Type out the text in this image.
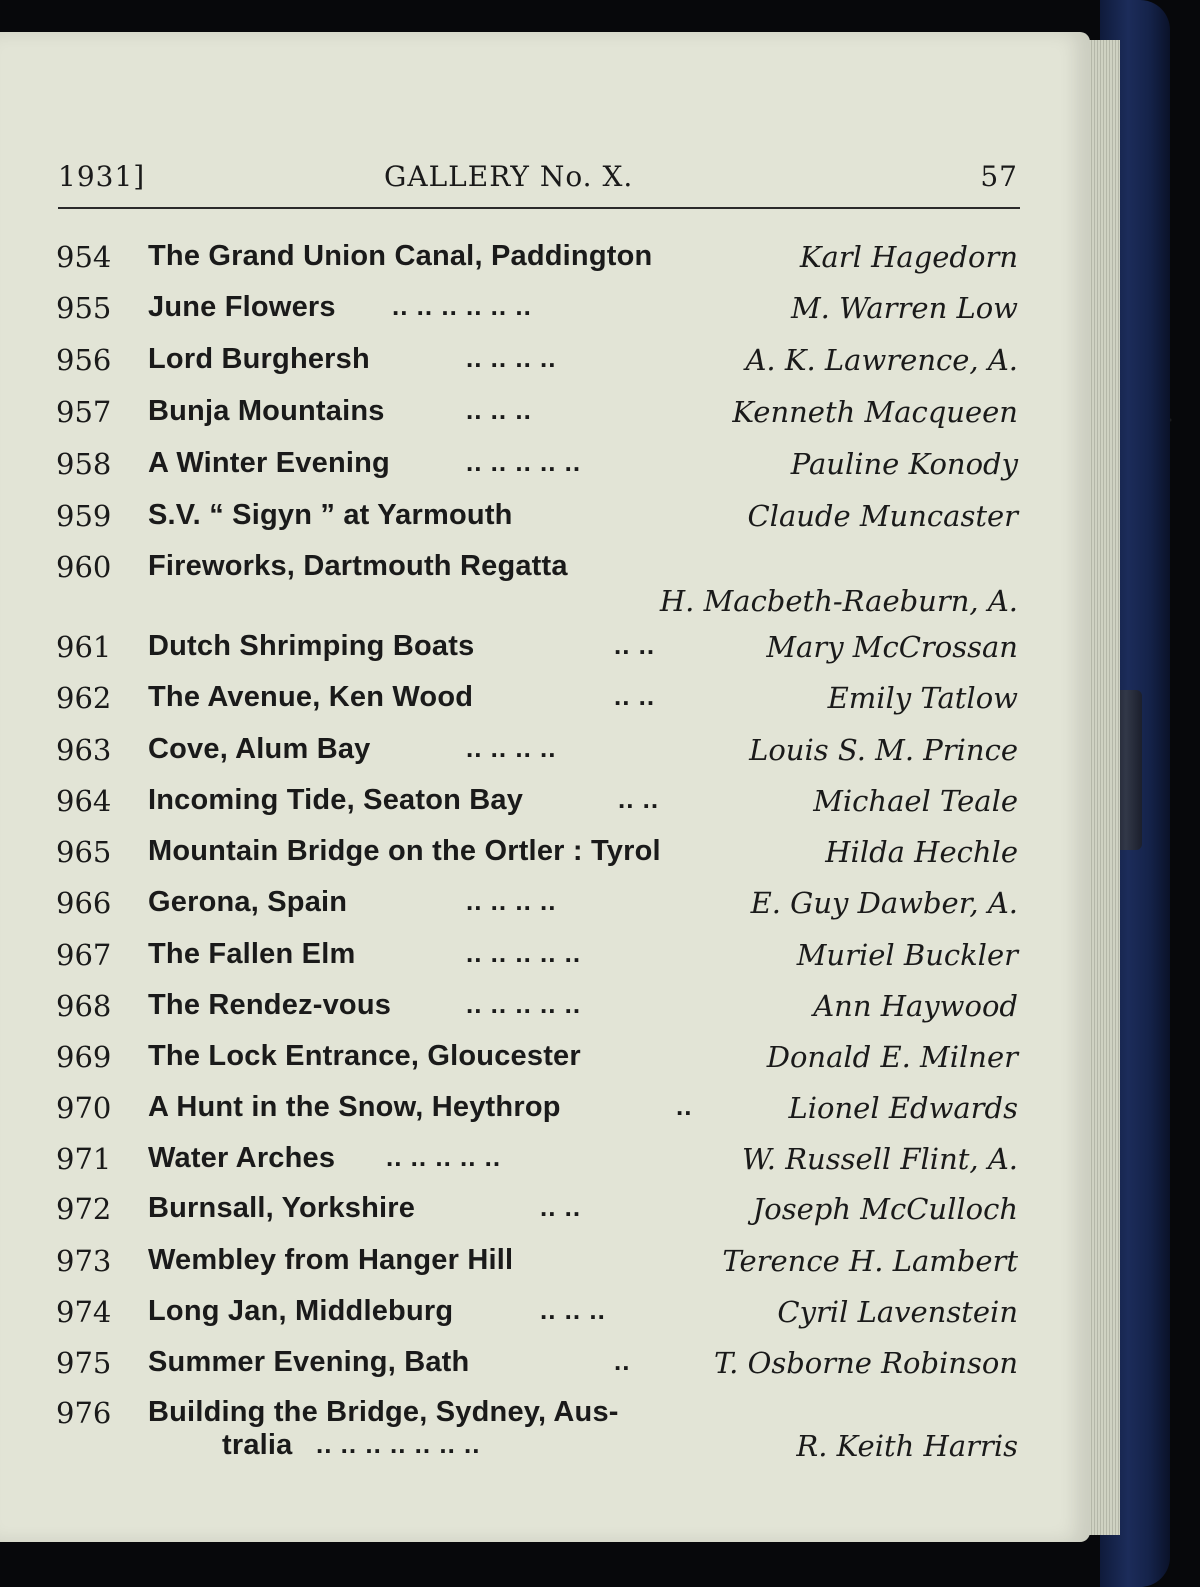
1931]	GALLERY No. X.	57
954 The Grand Union Canal, Paddington	Karl Hagedorn
955 June Flowers .. .. .. .. .. ..	M. Warren Low
956 Lord Burghersh	.. .. .. ..	A. K. Lawrence, A.
957 Bunja Mountains	.. .. ..	Kenneth Macqueen
958 A Winter Evening	.. .. .. .. ..	Pauline Konody
959 S.V. “ Sigyn ” at Yarmouth	Claude Muncaster
960 Fireworks, Dartmouth Regatta
H. Macbeth-Raeburn, A.
961 Dutch Shrimping Boats	.. ..	Mary McCrossan
962 The Avenue, Ken Wood	.. ..	Emily Tatlow
963 Cove, Alum Bay	.. .. .. ..	Louis S. M. Prince
964 Incoming Tide, Seaton Bay	.. ..	Michael Teale
965 Mountain Bridge on the Ortler : Tyrol	Hilda Hechle
966 Gerona, Spain	.. .. .. ..	E. Guy Dawber, A.
967 The Fallen Elm	.. .. .. .. ..	Muriel Buckler
968 The Rendez-vous	.. .. .. .. ..	Ann Haywood
969 The Lock Entrance, Gloucester	Donald E. Milner
970 A Hunt in the Snow, Heythrop	..	Lionel Edwards
971 Water Arches .. .. .. .. ..	W. Russell Flint, A.
972 Burnsall, Yorkshire	.. ..	Joseph McCulloch
973 Wembley from Hanger Hill	Terence H. Lambert
974 Long Jan, Middleburg	.. .. ..	Cyril Lavenstein
975 Summer Evening, Bath	..	T. Osborne Robinson
976 Building the Bridge, Sydney, Aus-
tralia .. .. .. .. .. .. ..	R. Keith Harris
